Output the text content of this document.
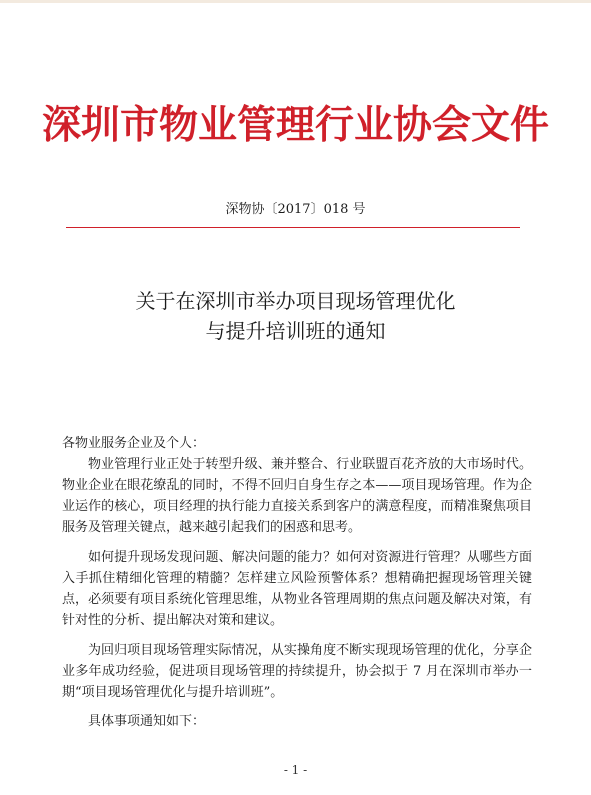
深圳市物业管理行业协会文件
深物协〔2017〕018 号
关于在深圳市举办项目现场管理优化
与提升培训班的通知
各物业服务企业及个人：

物业管理行业正处于转型升级、兼并整合、行业联盟百花齐放的大市场时代。物业企业在眼花缭乱的同时，不得不回归自身生存之本——项目现场管理。作为企业运作的核心，项目经理的执行能力直接关系到客户的满意程度，而精准聚焦项目服务及管理关键点，越来越引起我们的困惑和思考。

如何提升现场发现问题、解决问题的能力？如何对资源进行管理？从哪些方面入手抓住精细化管理的精髓？怎样建立风险预警体系？想精确把握现场管理关键点，必须要有项目系统化管理思维，从物业各管理周期的焦点问题及解决对策，有针对性的分析、提出解决对策和建议。

为回归项目现场管理实际情况，从实操角度不断实现现场管理的优化，分享企业多年成功经验，促进项目现场管理的持续提升，协会拟于 7 月在深圳市举办一期“项目现场管理优化与提升培训班”。

具体事项通知如下：
- 1 -
